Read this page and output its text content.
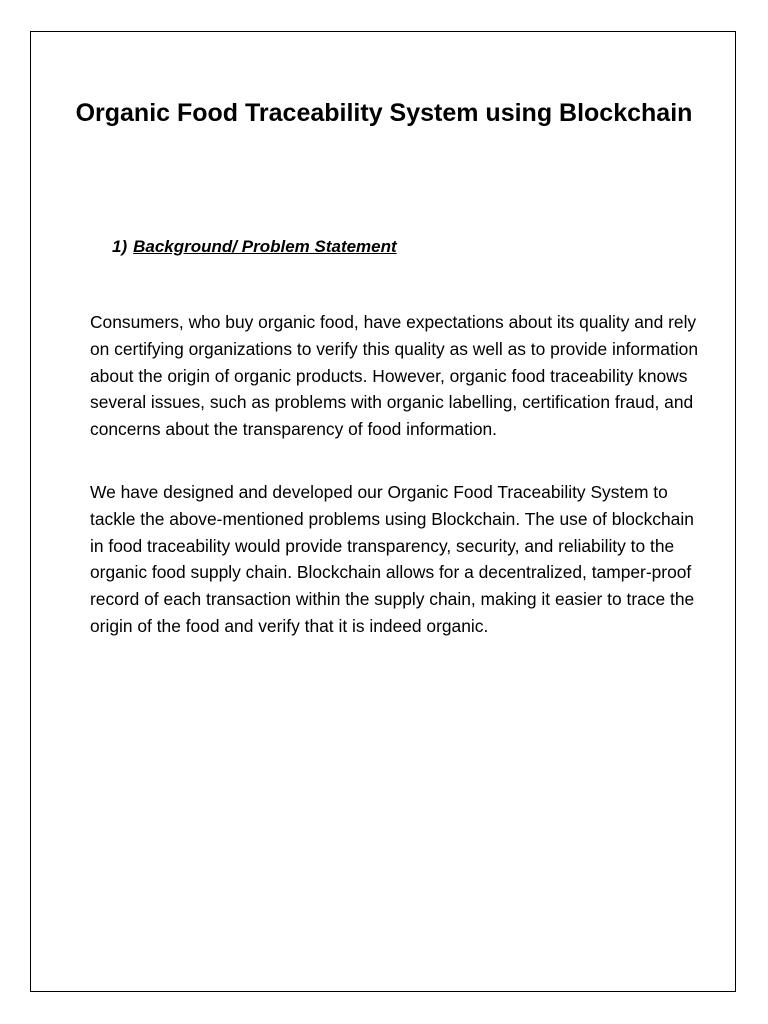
Organic Food Traceability System using Blockchain
1) Background/ Problem Statement

Consumers, who buy organic food, have expectations about its quality and rely on certifying organizations to verify this quality as well as to provide information about the origin of organic products. However, organic food traceability knows several issues, such as problems with organic labelling, certification fraud, and concerns about the transparency of food information.

We have designed and developed our Organic Food Traceability System to tackle the above-mentioned problems using Blockchain. The use of blockchain in food traceability would provide transparency, security, and reliability to the organic food supply chain. Blockchain allows for a decentralized, tamper-proof record of each transaction within the supply chain, making it easier to trace the origin of the food and verify that it is indeed organic.
